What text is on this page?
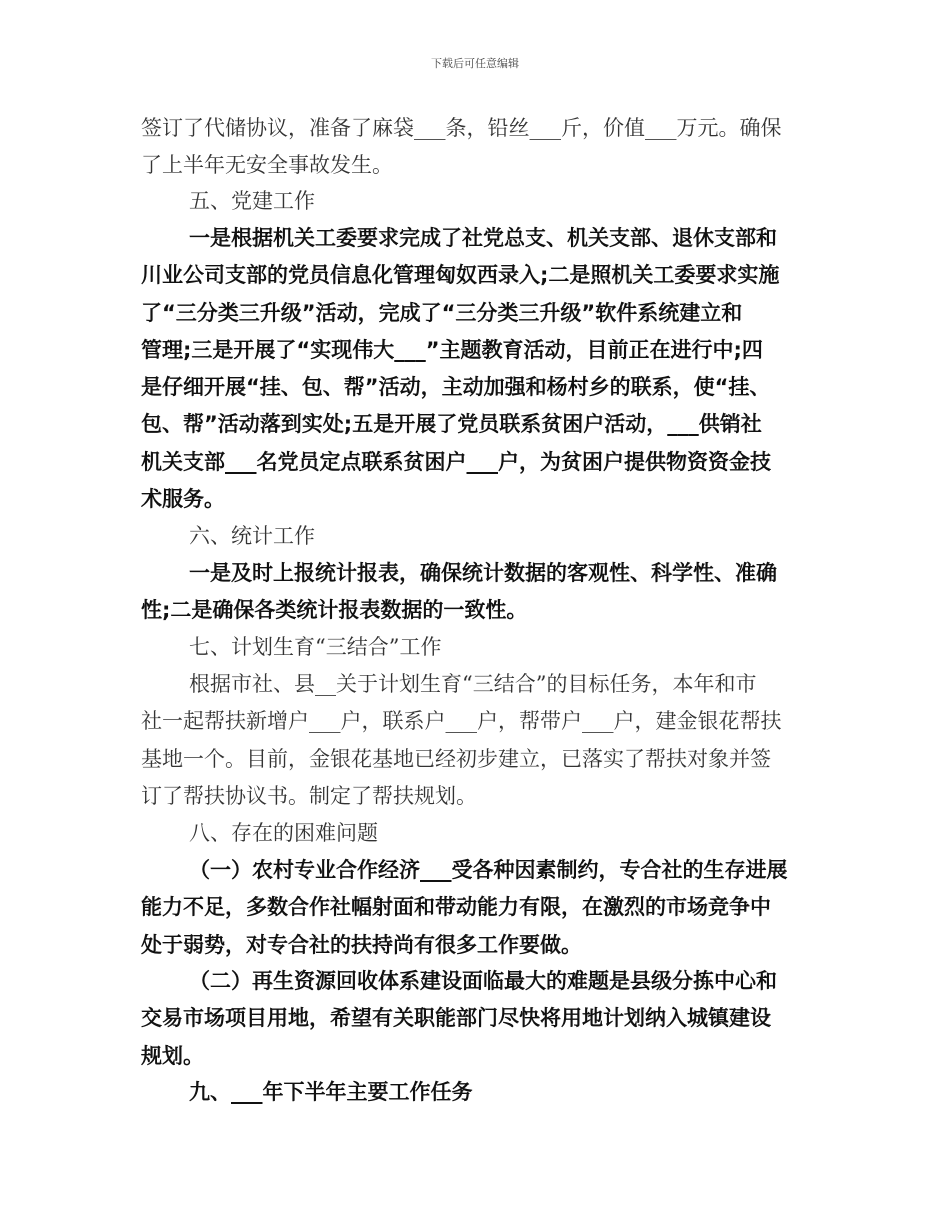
下载后可任意编辑
签订了代储协议，准备了麻袋___条，铅丝___斤，价值___万元。确保
了上半年无安全事故发生。
五、党建工作
一是根据机关工委要求完成了社党总支、机关支部、退休支部和
川业公司支部的党员信息化管理匈奴西录入;二是照机关工委要求实施
了“三分类三升级”活动，完成了“三分类三升级”软件系统建立和
管理;三是开展了“实现伟大___”主题教育活动，目前正在进行中;四
是仔细开展“挂、包、帮”活动，主动加强和杨村乡的联系，使“挂、
包、帮”活动落到实处;五是开展了党员联系贫困户活动，___供销社
机关支部___名党员定点联系贫困户___户，为贫困户提供物资资金技
术服务。
六、统计工作
一是及时上报统计报表，确保统计数据的客观性、科学性、准确
性;二是确保各类统计报表数据的一致性。
七、计划生育“三结合”工作
根据市社、县__关于计划生育“三结合”的目标任务，本年和市
社一起帮扶新增户___户，联系户___户，帮带户___户，建金银花帮扶
基地一个。目前，金银花基地已经初步建立，已落实了帮扶对象并签
订了帮扶协议书。制定了帮扶规划。
八、存在的困难问题
（一）农村专业合作经济___受各种因素制约，专合社的生存进展
能力不足，多数合作社幅射面和带动能力有限，在激烈的市场竞争中
处于弱势，对专合社的扶持尚有很多工作要做。
（二）再生资源回收体系建设面临最大的难题是县级分拣中心和
交易市场项目用地，希望有关职能部门尽快将用地计划纳入城镇建设
规划。
九、___年下半年主要工作任务
